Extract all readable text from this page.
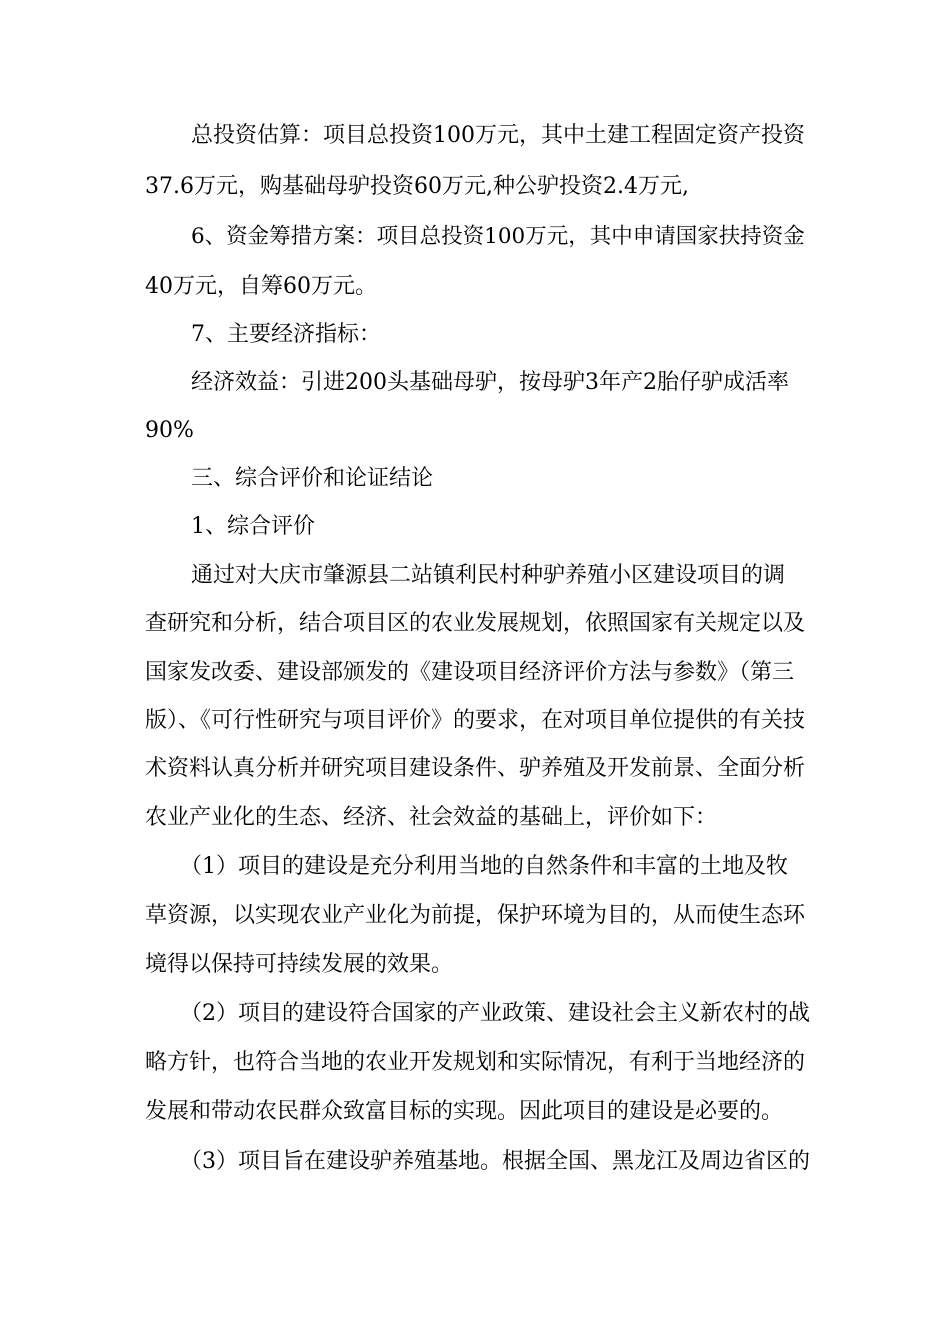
总投资估算：项目总投资100万元，其中土建工程固定资产投资
37.6万元，购基础母驴投资60万元,种公驴投资2.4万元,
6、资金筹措方案：项目总投资100万元，其中申请国家扶持资金
40万元，自筹60万元。
7、主要经济指标：
经济效益：引进200头基础母驴，按母驴3年产2胎仔驴成活率
90%
三、综合评价和论证结论
1、综合评价
通过对大庆市肇源县二站镇利民村种驴养殖小区建设项目的调
查研究和分析，结合项目区的农业发展规划，依照国家有关规定以及
国家发改委、建设部颁发的《建设项目经济评价方法与参数》（第三
版）、《可行性研究与项目评价》的要求，在对项目单位提供的有关技
术资料认真分析并研究项目建设条件、驴养殖及开发前景、全面分析
农业产业化的生态、经济、社会效益的基础上，评价如下：
（1）项目的建设是充分利用当地的自然条件和丰富的土地及牧
草资源，以实现农业产业化为前提，保护环境为目的，从而使生态环
境得以保持可持续发展的效果。
（2）项目的建设符合国家的产业政策、建设社会主义新农村的战
略方针，也符合当地的农业开发规划和实际情况，有利于当地经济的
发展和带动农民群众致富目标的实现。因此项目的建设是必要的。
（3）项目旨在建设驴养殖基地。根据全国、黑龙江及周边省区的
